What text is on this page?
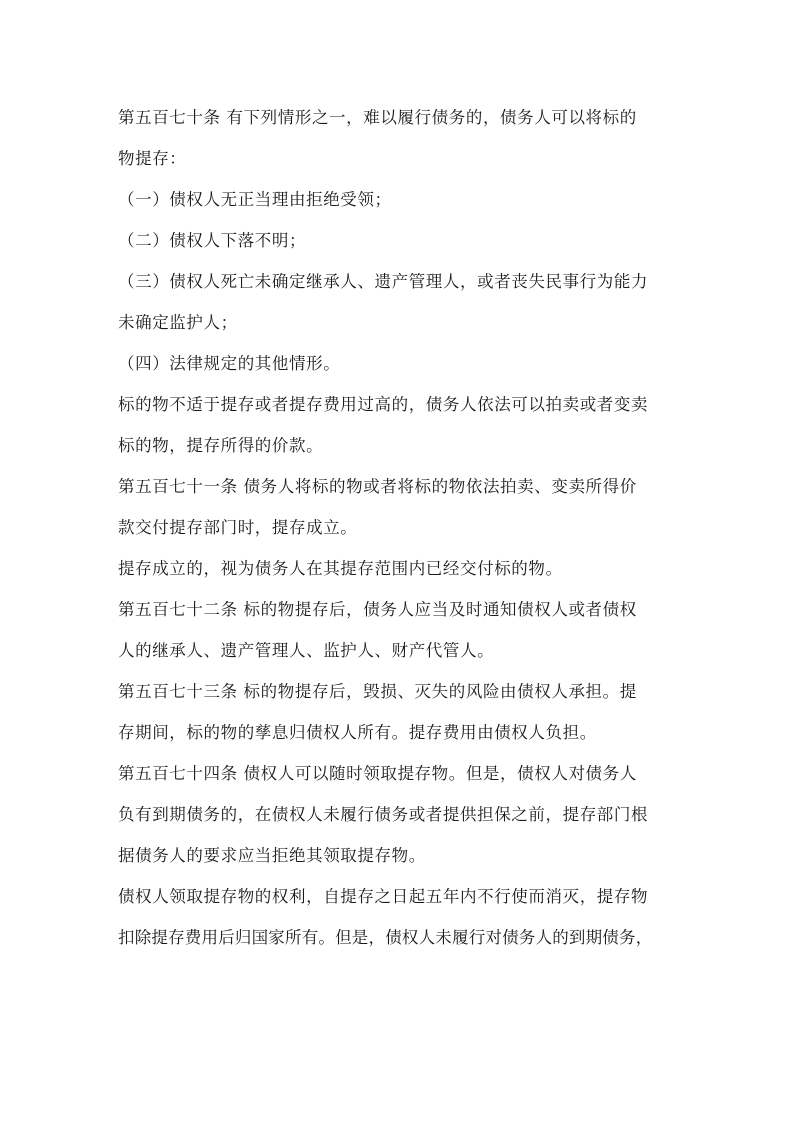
第五百七十条 有下列情形之一，难以履行债务的，债务人可以将标的
物提存：
（一）债权人无正当理由拒绝受领；
（二）债权人下落不明；
（三）债权人死亡未确定继承人、遗产管理人，或者丧失民事行为能力
未确定监护人；
（四）法律规定的其他情形。
标的物不适于提存或者提存费用过高的，债务人依法可以拍卖或者变卖
标的物，提存所得的价款。
第五百七十一条 债务人将标的物或者将标的物依法拍卖、变卖所得价
款交付提存部门时，提存成立。
提存成立的，视为债务人在其提存范围内已经交付标的物。
第五百七十二条 标的物提存后，债务人应当及时通知债权人或者债权
人的继承人、遗产管理人、监护人、财产代管人。
第五百七十三条 标的物提存后，毁损、灭失的风险由债权人承担。提
存期间，标的物的孳息归债权人所有。提存费用由债权人负担。
第五百七十四条 债权人可以随时领取提存物。但是，债权人对债务人
负有到期债务的，在债权人未履行债务或者提供担保之前，提存部门根
据债务人的要求应当拒绝其领取提存物。
债权人领取提存物的权利，自提存之日起五年内不行使而消灭，提存物
扣除提存费用后归国家所有。但是，债权人未履行对债务人的到期债务，
